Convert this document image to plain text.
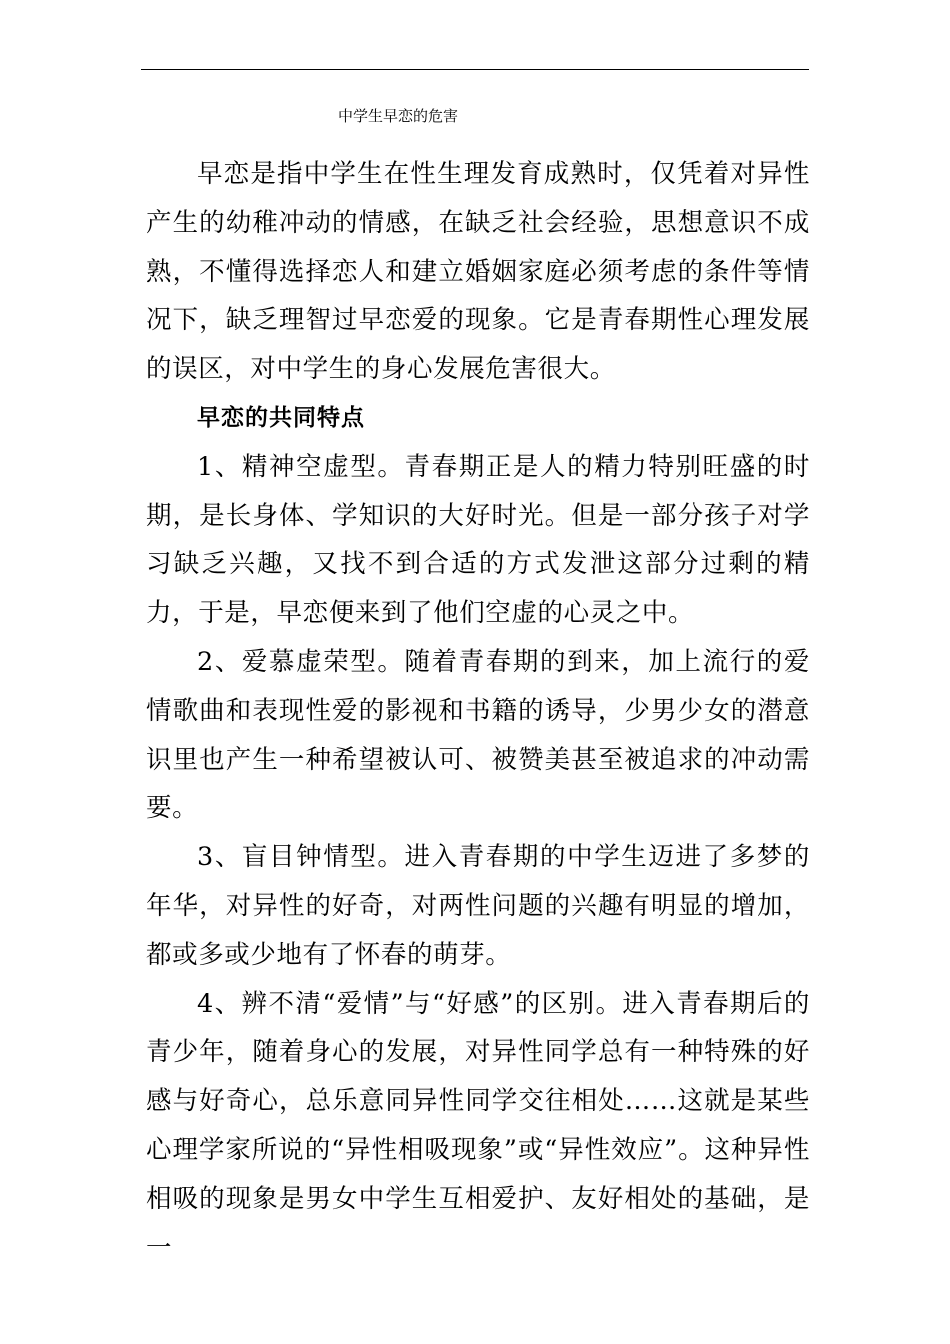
中学生早恋的危害

早恋是指中学生在性生理发育成熟时，仅凭着对异性产生的幼稚冲动的情感，在缺乏社会经验，思想意识不成熟，不懂得选择恋人和建立婚姻家庭必须考虑的条件等情况下，缺乏理智过早恋爱的现象。它是青春期性心理发展的误区，对中学生的身心发展危害很大。

早恋的共同特点

1、精神空虚型。青春期正是人的精力特别旺盛的时期，是长身体、学知识的大好时光。但是一部分孩子对学习缺乏兴趣，又找不到合适的方式发泄这部分过剩的精力，于是，早恋便来到了他们空虚的心灵之中。

2、爱慕虚荣型。随着青春期的到来，加上流行的爱情歌曲和表现性爱的影视和书籍的诱导，少男少女的潜意识里也产生一种希望被认可、被赞美甚至被追求的冲动需要。

3、盲目钟情型。进入青春期的中学生迈进了多梦的年华，对异性的好奇，对两性问题的兴趣有明显的增加，都或多或少地有了怀春的萌芽。

4、辨不清“爱情”与“好感”的区别。进入青春期后的青少年，随着身心的发展，对异性同学总有一种特殊的好感与好奇心，总乐意同异性同学交往相处……这就是某些心理学家所说的“异性相吸现象”或“异性效应”。这种异性相吸的现象是男女中学生互相爱护、友好相处的基础，是一
